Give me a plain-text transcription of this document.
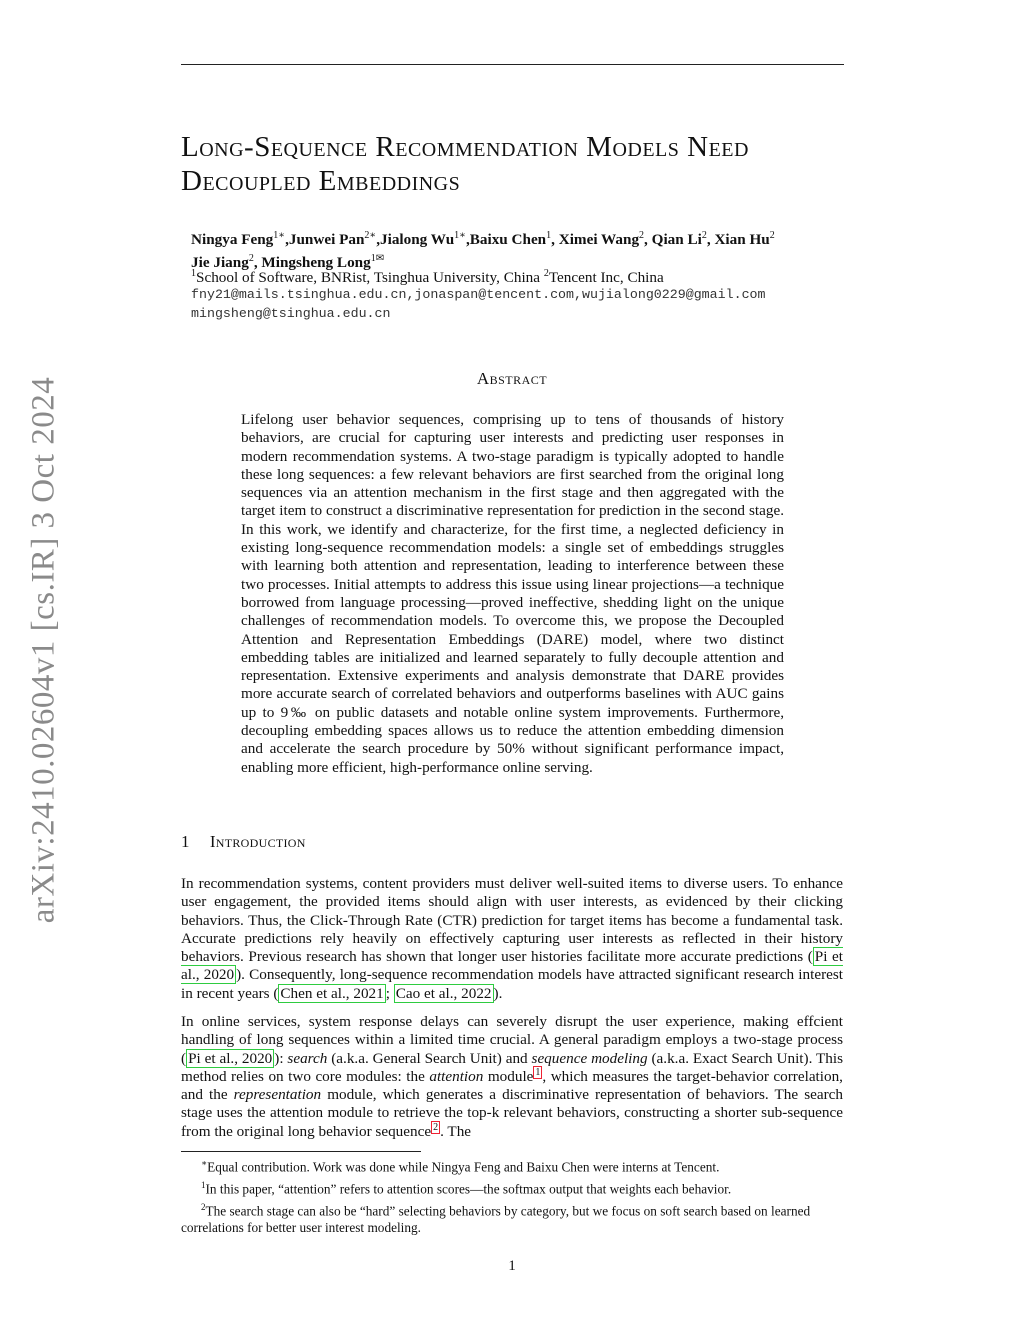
arXiv:2410.02604v1 [cs.IR] 3 Oct 2024
Long-Sequence Recommendation Models Need
Decoupled Embeddings
Ningya Feng$^{1∗}$,Junwei Pan$^{2∗}$,Jialong $Wu^{1∗},Baixu$ Chen$^1$, Ximei Wang$^2$, Qian Li$^2$, Xian Hu$^2$
Jie Jiang$^2$, Mingsheng Long$^{1✉}$
$^1$School of Software, BNRist, Tsinghua University, China $^2$Tencent Inc, China
fny21@mails.tsinghua.edu.cn,jonaspan@tencent.com,wujialong0229@gmail.com
mingsheng@tsinghua.edu.cn
Abstract
Lifelong user behavior sequences, comprising up to tens of thousands of history behaviors, are crucial for capturing user interests and predicting user responses in modern recommendation systems. A two-stage paradigm is typically adopted to handle these long sequences: a few relevant behaviors are first searched from the original long sequences via an attention mechanism in the first stage and then aggregated with the target item to construct a discriminative representation for prediction in the second stage. In this work, we identify and characterize, for the first time, a neglected deficiency in existing long-sequence recommendation models: a single set of embeddings struggles with learning both attention and representation, leading to interference between these two processes. Initial attempts to address this issue using linear projections—a technique borrowed from language processing—proved ineffective, shedding light on the unique challenges of recommendation models. To overcome this, we propose the Decoupled Attention and Representation Embeddings (DARE) model, where two distinct embedding tables are initialized and learned separately to fully decouple attention and representation. Extensive experiments and analysis demonstrate that DARE provides more accurate search of correlated behaviors and outperforms baselines with AUC gains up to 9‰ on public datasets and notable online system improvements. Furthermore, decoupling embedding spaces allows us to reduce the attention embedding dimension and accelerate the search procedure by 50% without significant performance impact, enabling more efficient, high-performance online serving.
1 Introduction
In recommendation systems, content providers must deliver well-suited items to diverse users. To enhance user engagement, the provided items should align with user interests, as evidenced by their clicking behaviors. Thus, the Click-Through Rate (CTR) prediction for target items has become a fundamental task. Accurate predictions rely heavily on effectively capturing user interests as reflected in their history behaviors. Previous research has shown that longer user histories facilitate more accurate predictions ( Pi et al., 2020 ). Consequently, long-sequence recommendation models have attracted significant research interest in recent years ( Chen et al., 2021 ; Cao et al., 2022 ).
In online services, system response delays can severely disrupt the user experience, making effcient handling of long sequences within a limited time crucial. A general paradigm employs a two-stage process ( Pi et al., 2020 ): search (a.k.a. General Search Unit) and sequence modeling (a.k.a. Exact Search Unit). This method relies on two core modules: the attention module $^1$ , which measures the target-behavior correlation, and the representation module, which generates a discriminative representation of behaviors. The search stage uses the attention module to retrieve the top-k relevant behaviors, constructing a shorter sub-sequence from the original long behavior sequence $^2$ . The
∗Equal contribution. Work was done while Ningya Feng and Baixu Chen were interns at Tencent.
$^1$In this paper, “attention” refers to attention scores—the softmax output that weights each behavior.
$^2$The search stage can also be “hard” selecting behaviors by category, but we focus on soft search based on learned correlations for better user interest modeling.
1
